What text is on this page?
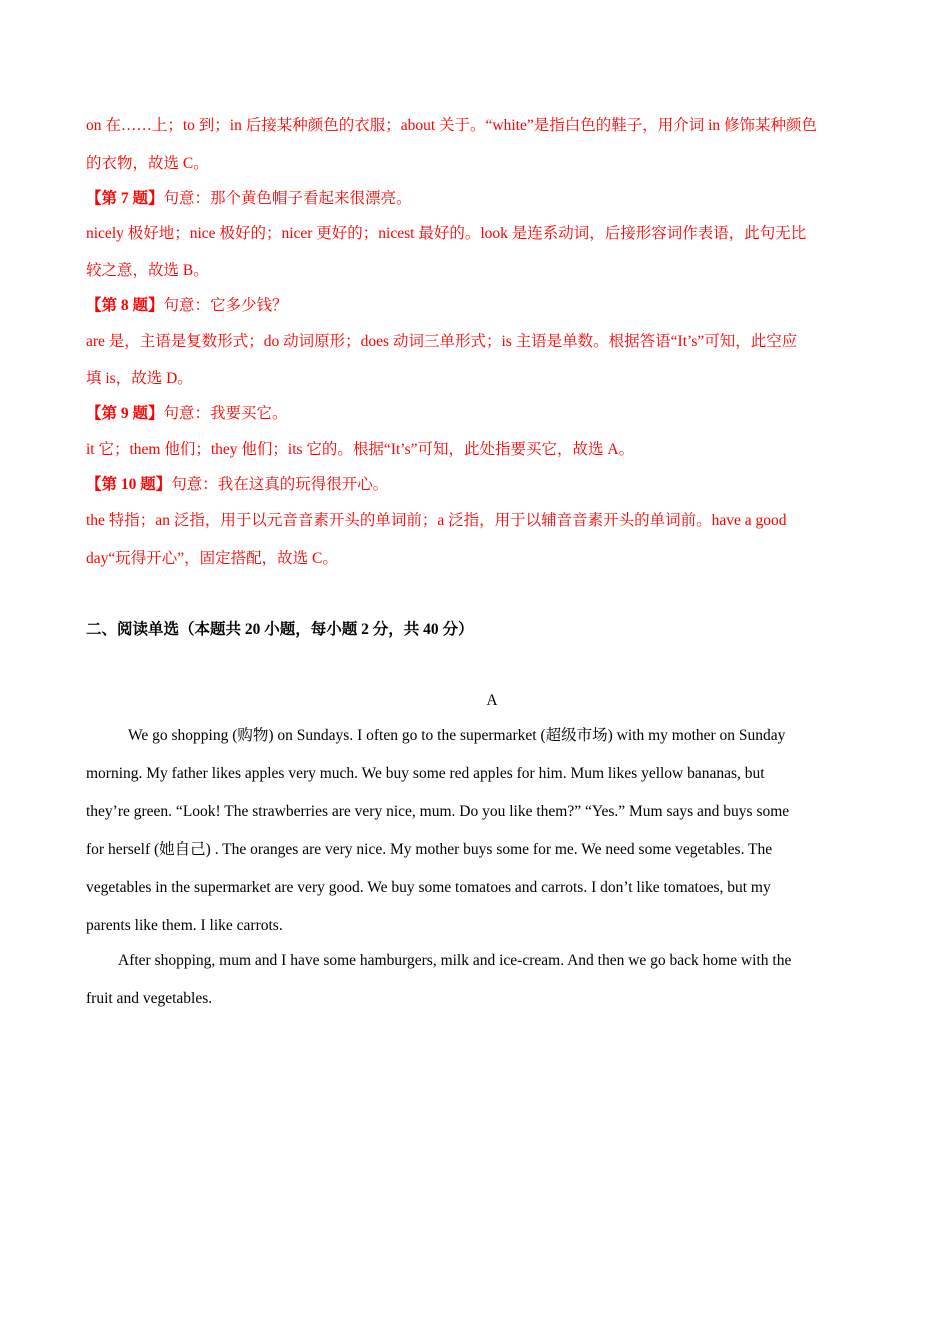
on 在……上；to 到；in 后接某种颜色的衣服；about 关于。“white”是指白色的鞋子，用介词 in 修饰某种颜色
的衣物，故选 C。
【第 7 题】句意：那个黄色帽子看起来很漂亮。
nicely 极好地；nice 极好的；nicer 更好的；nicest 最好的。look 是连系动词，后接形容词作表语，此句无比
较之意，故选 B。
【第 8 题】句意：它多少钱？
are 是，主语是复数形式；do 动词原形；does 动词三单形式；is 主语是单数。根据答语“It’s”可知，此空应
填 is，故选 D。
【第 9 题】句意：我要买它。
it 它；them 他们；they 他们；its 它的。根据“It’s”可知，此处指要买它，故选 A。
【第 10 题】句意：我在这真的玩得很开心。
the 特指；an 泛指，用于以元音音素开头的单词前；a 泛指，用于以辅音音素开头的单词前。have a good
day“玩得开心”，固定搭配，故选 C。
二、阅读单选（本题共 20 小题，每小题 2 分，共 40 分）
A
We go shopping (购物) on Sundays. I often go to the supermarket (超级市场) with my mother on Sunday
morning. My father likes apples very much. We buy some red apples for him. Mum likes yellow bananas, but
they’re green. “Look! The strawberries are very nice, mum. Do you like them?” “Yes.” Mum says and buys some
for herself (她自己) . The oranges are very nice. My mother buys some for me. We need some vegetables. The
vegetables in the supermarket are very good. We buy some tomatoes and carrots. I don’t like tomatoes, but my
parents like them. I like carrots.
After shopping, mum and I have some hamburgers, milk and ice-cream. And then we go back home with the
fruit and vegetables.
